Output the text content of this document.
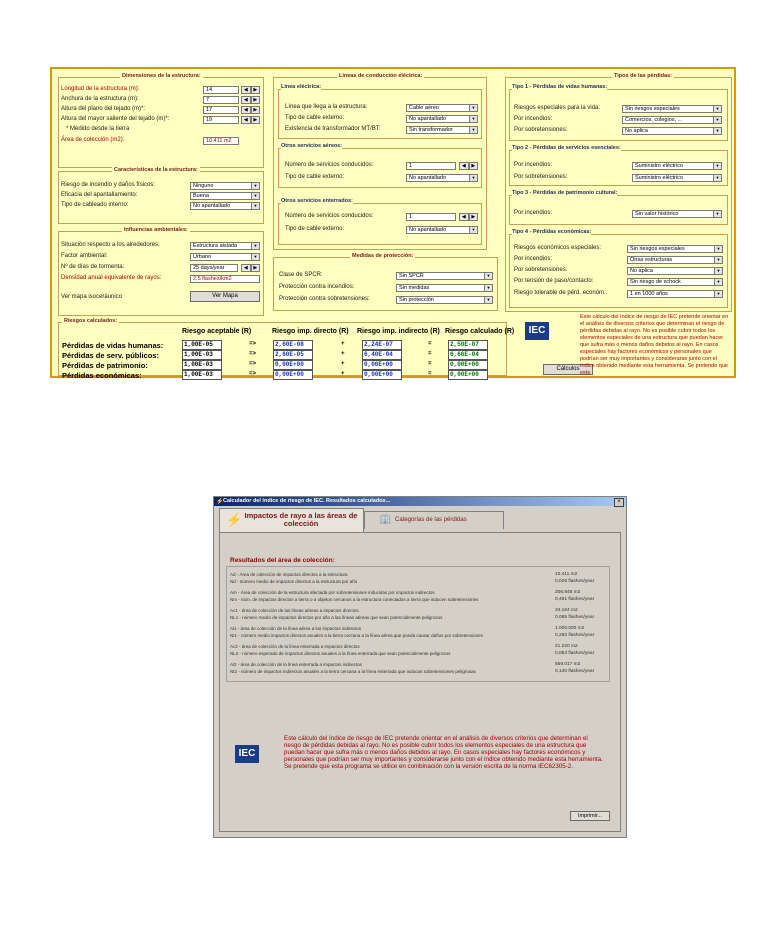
Dimensiones de la estructura:
Longitud de la estructura (m):	14	◀	▶
Anchura de la estructura (m):	7	◀	▶
Altura del plano del tejado (m)*:	17	◀	▶
Altura del mayor saliente del tejado (m)*:	19	◀	▶
* Medido desde la tierra
Área de colección (m2):	10.411 m2
Características de la estructura:
Riesgo de incendio y daños físicos:	Ninguno	▼
Eficacia del apantallamiento:	Buena	▼
Tipo de cableado interno:	No apantallado	▼
Influencias ambientales:
Situación respecto a los alrededores:	Estructura aislada	▼
Factor ambiental:	Urbano	▼
Nº de días de tormenta:	25 days/year	◀	▶
Densidad anual equivalente de rayos:	2,5 flashes/km2
Ver mapa isoceráunico	Ver Mapa
Líneas de conducción eléctrica:
Línea eléctrica:
Línea que llega a la estructura:	Cable aéreo	▼
Tipo de cable externo:	No apantallado	▼
Existencia de transformador MT/BT:	Sin transformador	▼
Otros servicios aéreos:
Número de servicios conducidos:	1	◀	▶
Tipo de cable externo:	No apantallado	▼
Otros servicios enterrados:
Número de servicios conducidos:	1	◀	▶
Tipo de cable externo:	No apantallado	▼
Medidas de protección:
Clase de SPCR:	Sin SPCR	▼
Protección contra incendios:	Sin medidas	▼
Protección contra sobretensiones:	Sin protección	▼
Tipos de las pérdidas:
Tipo 1 - Pérdidas de vidas humanas:
Riesgos especiales para la vida:	Sin riesgos especiales	▼
Por incendios:	Comercios, colegios, ...	▼
Por sobretensiones:	No aplica	▼
Tipo 2 - Pérdidas de servicios esenciales:
Por incendios:	Suministro eléctrico	▼
Por sobretensiones:	Suministro eléctrico	▼
Tipo 3 - Pérdidas de patrimonio cultural:
Por incendios:	Sin valor histórico	▼
Tipo 4 - Pérdidas económicas:
Riesgos económicos especiales:	Sin riesgos especiales	▼
Por incendios:	Otras estructuras	▼
Por sobretensiones:	No aplica	▼
Por tensión de paso/contacto:	Sin riesgo de schock	▼
Riesgo tolerable de pérd. económ.:	1 en 1000 años	▼
Riesgos calculados:
Riesgo aceptable (R)	Riesgo imp. directo (R) Riesgo imp. indirecto (R) Riesgo calculado (R)
Cálculos
IEC
Este cálculo del índice de riesgo de IEC pretende orientar en el análisis de diversos criterios que determinan el riesgo de pérdidas debidas al rayo. No es posible cubrir todos los elementos especiales de una estructura que puedan hacer que sufra más o menos daños debidos al rayo. En casos especiales hay factores económicos y personales que podrían ser muy importantes y considerarse junto con el índice obtenido mediante esta herramienta. Se pretende que este
Pérdidas de vidas humanas:	1,00E-05	2,60E-08	2,24E-07	2,50E-07
=>	+	=
Pérdidas de serv. públicos:	1,00E-03	2,60E-05	6,40E-04	6,66E-04
=>	+	=
Pérdidas de patrimonio:	1,00E-03	0,00E+00	0,00E+00	0,00E+00
=>	+	=
Pérdidas económicas:	1,00E-03	0,00E+00	0,00E+00	0,00E+00
=>	+	=
Calculador del índice de riesgo de IEC. Resultados calculados...
⚡	×
⚡ Impactos de rayo a las áreas de colección	🏢 Categorías de las pérdidas
Resultados del área de colección:
IEC
Este cálculo del índice de riesgo de IEC pretende orientar en el análisis de diversos criterios que determinan el riesgo de pérdidas debidas al rayo. No es posible cubrir todos los elementos especiales de una estructura que puedan hacer que sufra más o menos daños debidos al rayo. En casos especiales hay factores económicos y personales que podrían ser muy importantes y considerarse junto con el índice obtenido mediante esta herramienta. Se pretende que esta programa se utilice en combinación con la versión escrita de la norma IEC62305-2.
Imprimir...
Ad - Área de colección de impactos directos a la estructura	10.411 m2
Nd - número medio de impactos directos a la estructura por año	0,026 flashes/year
Am - Área de colección de la estructura afectada por sobretensiones inducidas por impactos indirectos	206.948 m2
Nm - núm. de impactos directos a tierra o a objetos cercanos a la estructura conectados a tierra que inducen sobretensiones	0,491 flashes/year
Ac1 - área de colección de las líneas aéreas a impactos directos	34.164 m2
NL1 - número medio de impactos directos por año a las líneas aéreas que sean potencialmente peligrosos	0,085 flashes/year
Al1 - área de colección de la línea aérea a los impactos indirectos	1.000.000 m2
NI1 - número medio impactos directos anuales a la tierra cercana a la línea aérea que pueda causar daños por sobretensiones	0,250 flashes/year
Ac2 - área de colección de la línea enterrada a impactos directos	21.220 m2
NL2 - número esperado de impactos directos anuales a la línea enterrada que sean potencialmente peligrosos	0,053 flashes/year
Al2 - área de colección de la línea enterrada a impactos indirectos	559.017 m2
NI2 - número de impactos indirectos anuales a la tierra cercana a la línea enterrada que inducan sobretensiones peligrosas	0,140 flashes/year
